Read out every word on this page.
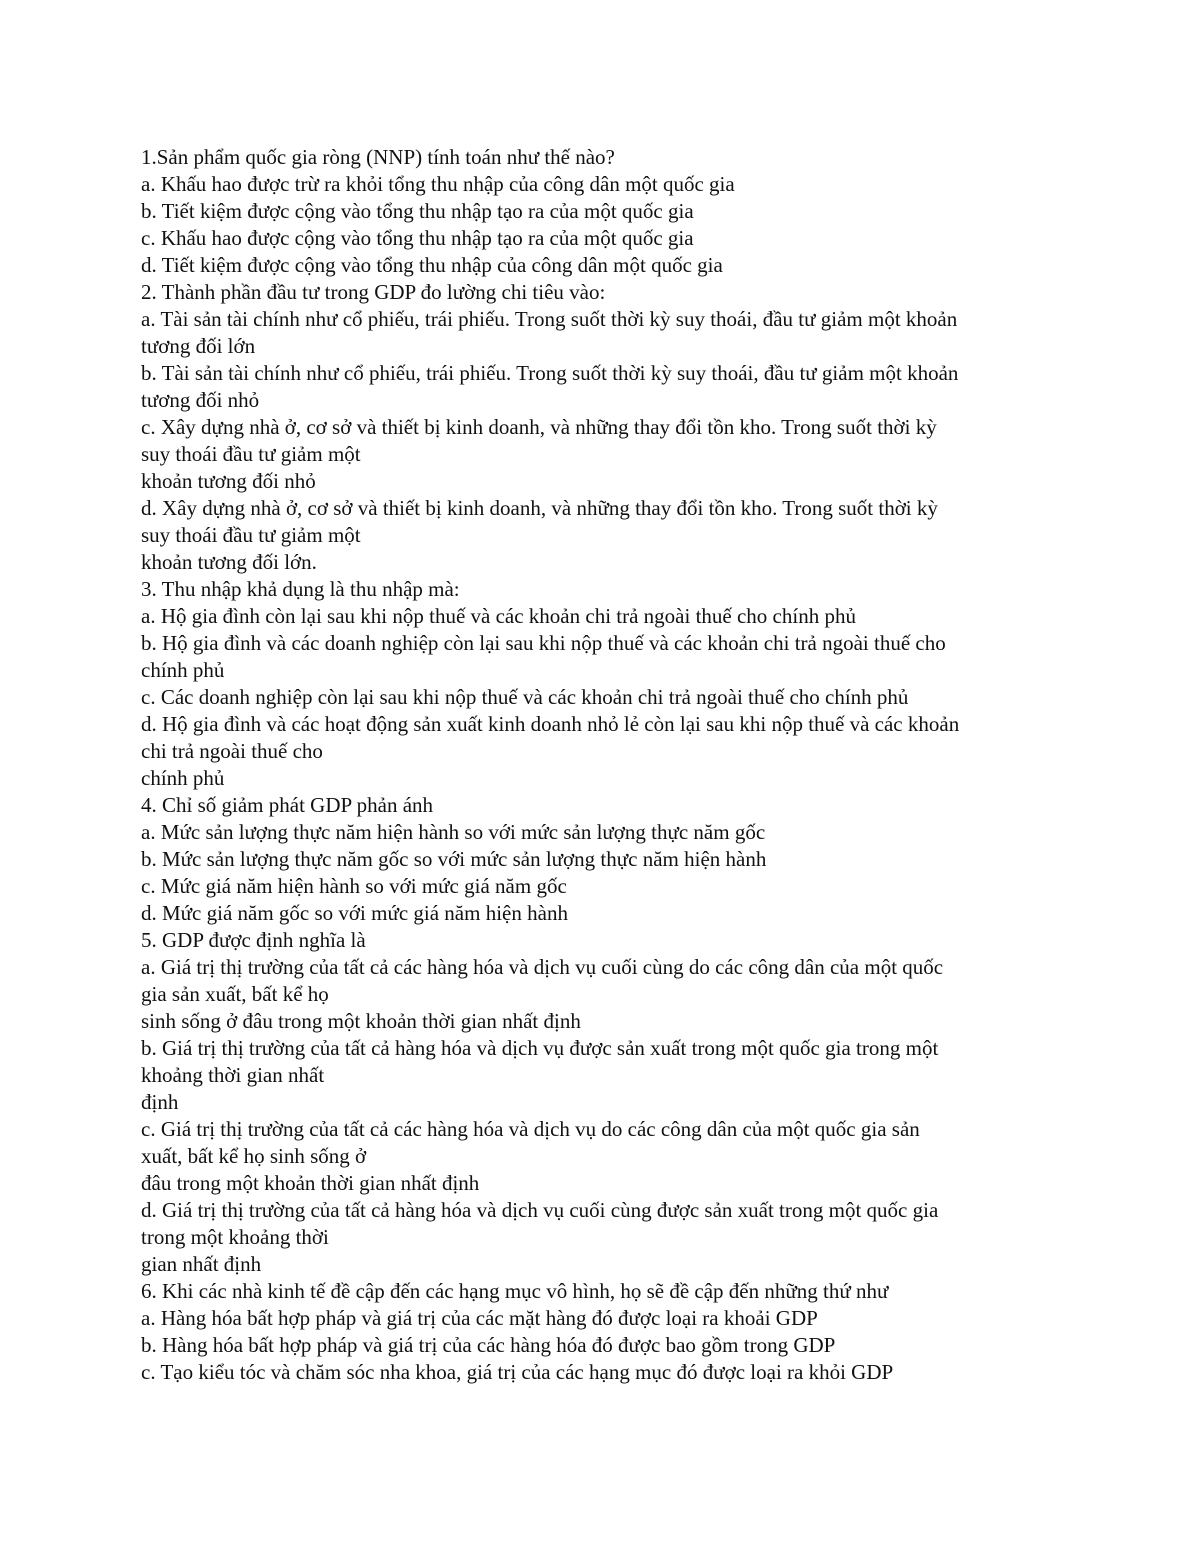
1.Sản phẩm quốc gia ròng (NNP) tính toán như thế nào?
a. Khấu hao được trừ ra khỏi tổng thu nhập của công dân một quốc gia
b. Tiết kiệm được cộng vào tổng thu nhập tạo ra của một quốc gia
c. Khấu hao được cộng vào tổng thu nhập tạo ra của một quốc gia
d. Tiết kiệm được cộng vào tổng thu nhập của công dân một quốc gia
2. Thành phần đầu tư trong GDP đo lường chi tiêu vào:
a. Tài sản tài chính như cổ phiếu, trái phiếu. Trong suốt thời kỳ suy thoái, đầu tư giảm một khoản
tương đối lớn
b. Tài sản tài chính như cổ phiếu, trái phiếu. Trong suốt thời kỳ suy thoái, đầu tư giảm một khoản
tương đối nhỏ
c. Xây dựng nhà ở, cơ sở và thiết bị kinh doanh, và những thay đổi tồn kho. Trong suốt thời kỳ
suy thoái đầu tư giảm một
khoản tương đối nhỏ
d. Xây dựng nhà ở, cơ sở và thiết bị kinh doanh, và những thay đổi tồn kho. Trong suốt thời kỳ
suy thoái đầu tư giảm một
khoản tương đối lớn.
3. Thu nhập khả dụng là thu nhập mà:
a. Hộ gia đình còn lại sau khi nộp thuế và các khoản chi trả ngoài thuế cho chính phủ
b. Hộ gia đình và các doanh nghiệp còn lại sau khi nộp thuế và các khoản chi trả ngoài thuế cho
chính phủ
c. Các doanh nghiệp còn lại sau khi nộp thuế và các khoản chi trả ngoài thuế cho chính phủ
d. Hộ gia đình và các hoạt động sản xuất kinh doanh nhỏ lẻ còn lại sau khi nộp thuế và các khoản
chi trả ngoài thuế cho
chính phủ
4. Chỉ số giảm phát GDP phản ánh
a. Mức sản lượng thực năm hiện hành so với mức sản lượng thực năm gốc
b. Mức sản lượng thực năm gốc so với mức sản lượng thực năm hiện hành
c. Mức giá năm hiện hành so với mức giá năm gốc
d. Mức giá năm gốc so với mức giá năm hiện hành
5. GDP được định nghĩa là
a. Giá trị thị trường của tất cả các hàng hóa và dịch vụ cuối cùng do các công dân của một quốc
gia sản xuất, bất kể họ
sinh sống ở đâu trong một khoản thời gian nhất định
b. Giá trị thị trường của tất cả hàng hóa và dịch vụ được sản xuất trong một quốc gia trong một
khoảng thời gian nhất
định
c. Giá trị thị trường của tất cả các hàng hóa và dịch vụ do các công dân của một quốc gia sản
xuất, bất kể họ sinh sống ở
đâu trong một khoản thời gian nhất định
d. Giá trị thị trường của tất cả hàng hóa và dịch vụ cuối cùng được sản xuất trong một quốc gia
trong một khoảng thời
gian nhất định
6. Khi các nhà kinh tế đề cập đến các hạng mục vô hình, họ sẽ đề cập đến những thứ như
a. Hàng hóa bất hợp pháp và giá trị của các mặt hàng đó được loại ra khoải GDP
b. Hàng hóa bất hợp pháp và giá trị của các hàng hóa đó được bao gồm trong GDP
c. Tạo kiểu tóc và chăm sóc nha khoa, giá trị của các hạng mục đó được loại ra khỏi GDP
